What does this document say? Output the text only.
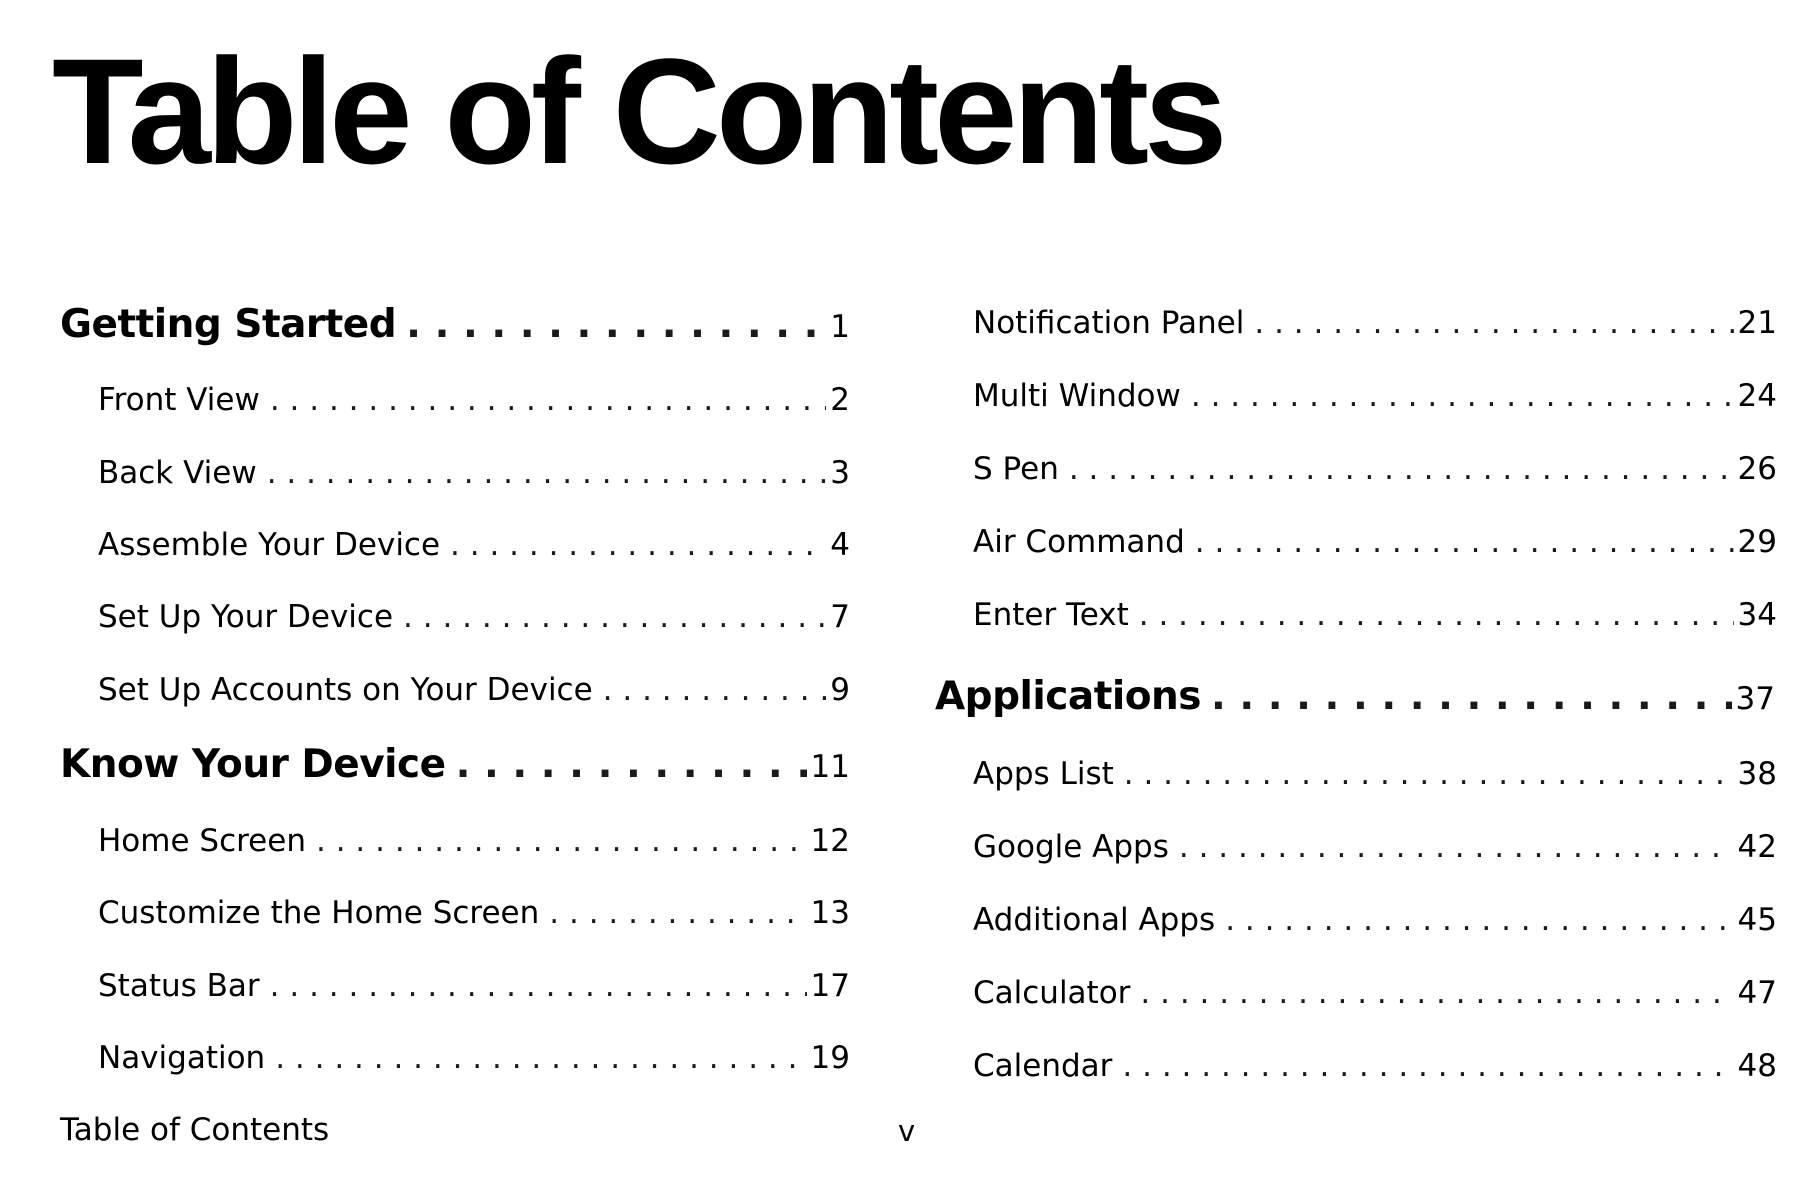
Table of Contents
Getting Started . . .	1
Front View . . .	2
Back View . . .	3
Assemble Your Device . . .	4
Set Up Your Device . . .	7
Set Up Accounts on Your Device . . .	9
Know Your Device . . .	11
Home Screen . . .	12
Customize the Home Screen . . .	13
Status Bar . . .	17
Navigation . . .	19
Notification Panel . . .	21
Multi Window . . .	24
S Pen . . .	26
Air Command . . .	29
Enter Text . . .	34
Applications . . .	37
Apps List . . .	38
Google Apps . . .	42
Additional Apps . . .	45
Calculator . . .	47
Calendar . . .	48
Table of Contents	v
